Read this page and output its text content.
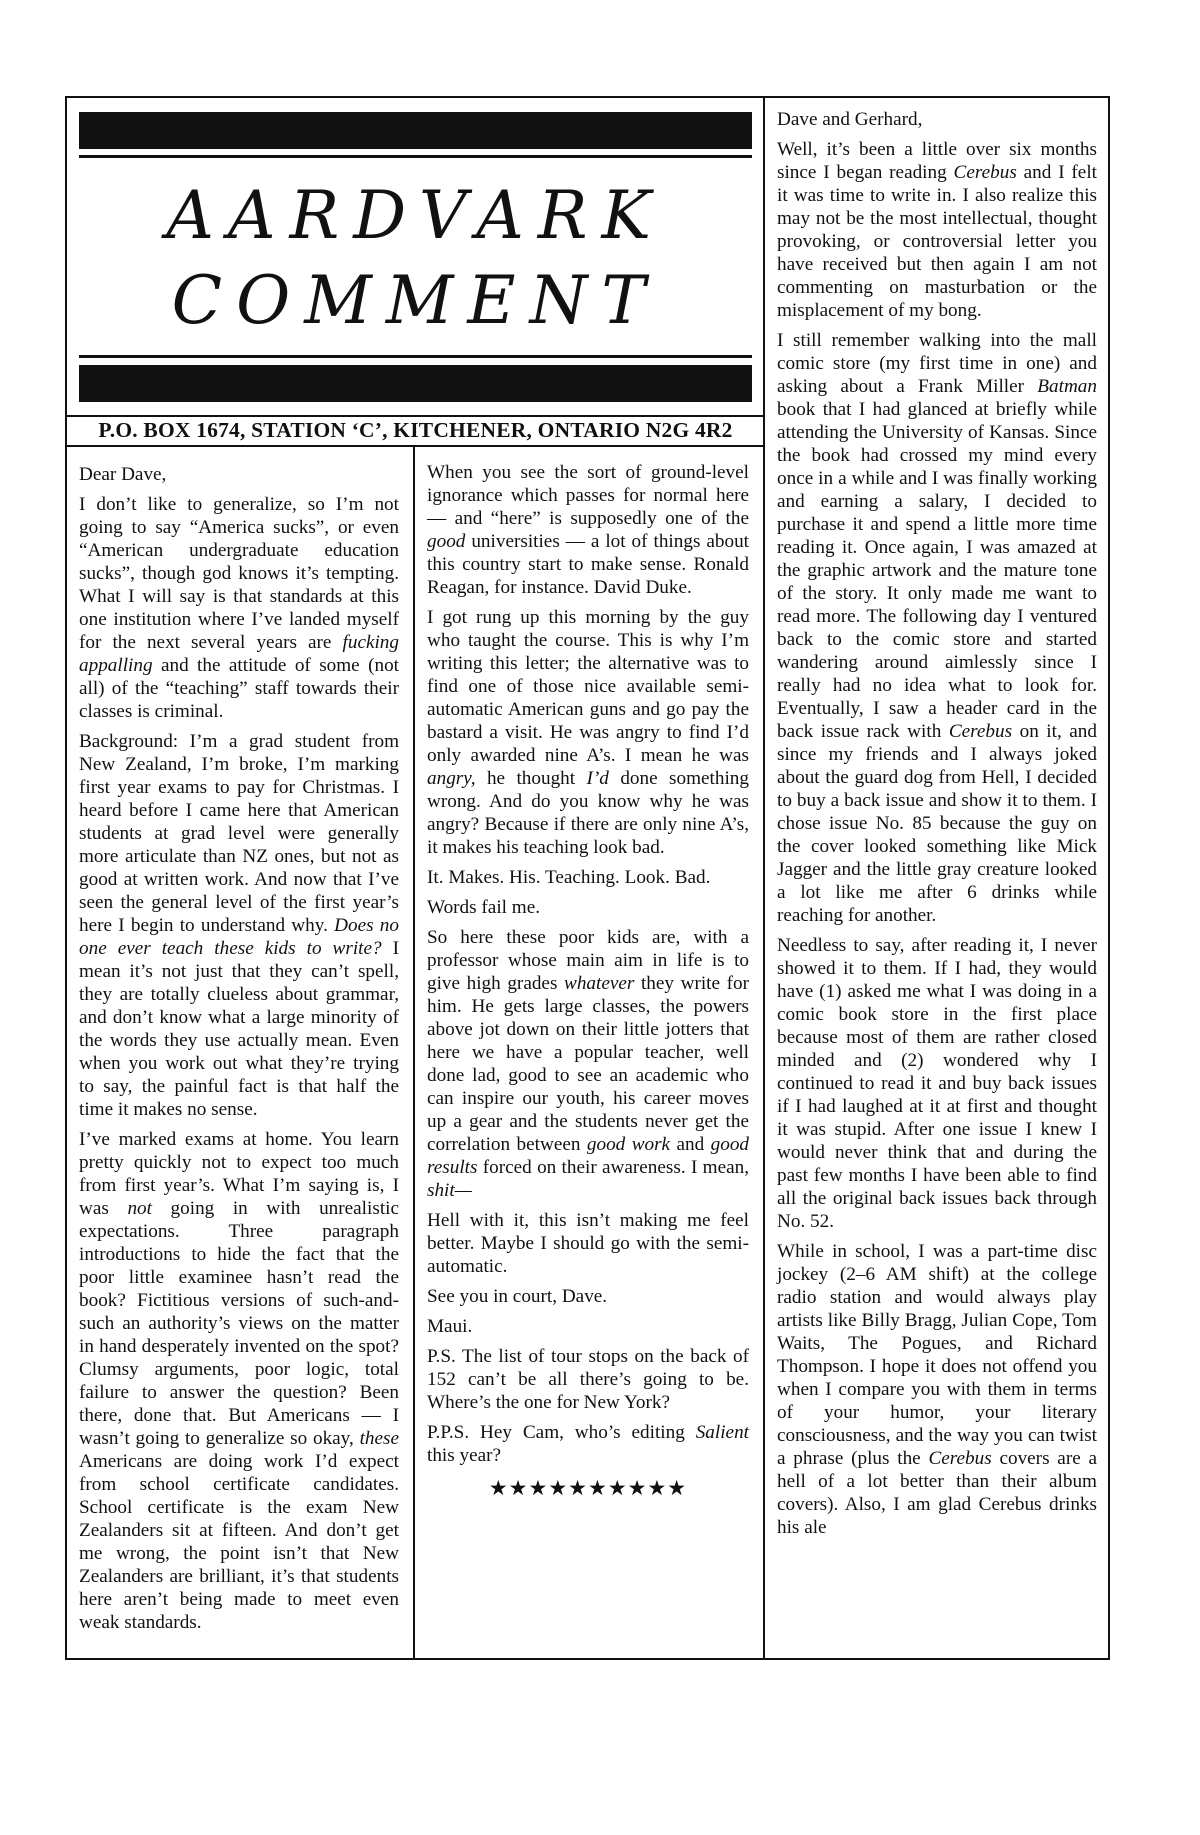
AARDVARK
COMMENT
P.O. BOX 1674, STATION ‘C’, KITCHENER, ONTARIO N2G 4R2

Dear Dave,

I don’t like to generalize, so I’m not going to say “America sucks”, or even “American undergraduate education sucks”, though god knows it’s tempting. What I will say is that standards at this one institution where I’ve landed myself for the next several years are fucking appalling and the attitude of some (not all) of the “teaching” staff towards their classes is criminal.

Background: I’m a grad student from New Zealand, I’m broke, I’m marking first year exams to pay for Christmas. I heard before I came here that American students at grad level were generally more articulate than NZ ones, but not as good at written work. And now that I’ve seen the general level of the first year’s here I begin to understand why. Does no one ever teach these kids to write? I mean it’s not just that they can’t spell, they are totally clueless about grammar, and don’t know what a large minority of the words they use actually mean. Even when you work out what they’re trying to say, the painful fact is that half the time it makes no sense.

I’ve marked exams at home. You learn pretty quickly not to expect too much from first year’s. What I’m saying is, I was not going in with unrealistic expectations. Three paragraph introductions to hide the fact that the poor little examinee hasn’t read the book? Fictitious versions of such-and-such an authority’s views on the matter in hand desperately invented on the spot? Clumsy arguments, poor logic, total failure to answer the question? Been there, done that. But Americans — I wasn’t going to generalize so okay, these Americans are doing work I’d expect from school certificate candidates. School certificate is the exam New Zealanders sit at fifteen. And don’t get me wrong, the point isn’t that New Zealanders are brilliant, it’s that students here aren’t being made to meet even weak standards.

When you see the sort of ground-level ignorance which passes for normal here — and “here” is supposedly one of the good universities — a lot of things about this country start to make sense. Ronald Reagan, for instance. David Duke.

I got rung up this morning by the guy who taught the course. This is why I’m writing this letter; the alternative was to find one of those nice available semi-automatic American guns and go pay the bastard a visit. He was angry to find I’d only awarded nine A’s. I mean he was angry, he thought I’d done something wrong. And do you know why he was angry? Because if there are only nine A’s, it makes his teaching look bad.

It. Makes. His. Teaching. Look. Bad.

Words fail me.

So here these poor kids are, with a professor whose main aim in life is to give high grades whatever they write for him. He gets large classes, the powers above jot down on their little jotters that here we have a popular teacher, well done lad, good to see an academic who can inspire our youth, his career moves up a gear and the students never get the correlation between good work and good results forced on their awareness. I mean, shit—

Hell with it, this isn’t making me feel better. Maybe I should go with the semi-automatic.

See you in court, Dave.

Maui.

P.S. The list of tour stops on the back of 152 can’t be all there’s going to be. Where’s the one for New York?

P.P.S. Hey Cam, who’s editing Salient this year?

★★★★★★★★★★

Dave and Gerhard,

Well, it’s been a little over six months since I began reading Cerebus and I felt it was time to write in. I also realize this may not be the most intellectual, thought provoking, or controversial letter you have received but then again I am not commenting on masturbation or the misplacement of my bong.

I still remember walking into the mall comic store (my first time in one) and asking about a Frank Miller Batman book that I had glanced at briefly while attending the University of Kansas. Since the book had crossed my mind every once in a while and I was finally working and earning a salary, I decided to purchase it and spend a little more time reading it. Once again, I was amazed at the graphic artwork and the mature tone of the story. It only made me want to read more. The following day I ventured back to the comic store and started wandering around aimlessly since I really had no idea what to look for. Eventually, I saw a header card in the back issue rack with Cerebus on it, and since my friends and I always joked about the guard dog from Hell, I decided to buy a back issue and show it to them. I chose issue No. 85 because the guy on the cover looked something like Mick Jagger and the little gray creature looked a lot like me after 6 drinks while reaching for another.

Needless to say, after reading it, I never showed it to them. If I had, they would have (1) asked me what I was doing in a comic book store in the first place because most of them are rather closed minded and (2) wondered why I continued to read it and buy back issues if I had laughed at it at first and thought it was stupid. After one issue I knew I would never think that and during the past few months I have been able to find all the original back issues back through No. 52.

While in school, I was a part-time disc jockey (2–6 AM shift) at the college radio station and would always play artists like Billy Bragg, Julian Cope, Tom Waits, The Pogues, and Richard Thompson. I hope it does not offend you when I compare you with them in terms of your humor, your literary consciousness, and the way you can twist a phrase (plus the Cerebus covers are a hell of a lot better than their album covers). Also, I am glad Cerebus drinks his ale
